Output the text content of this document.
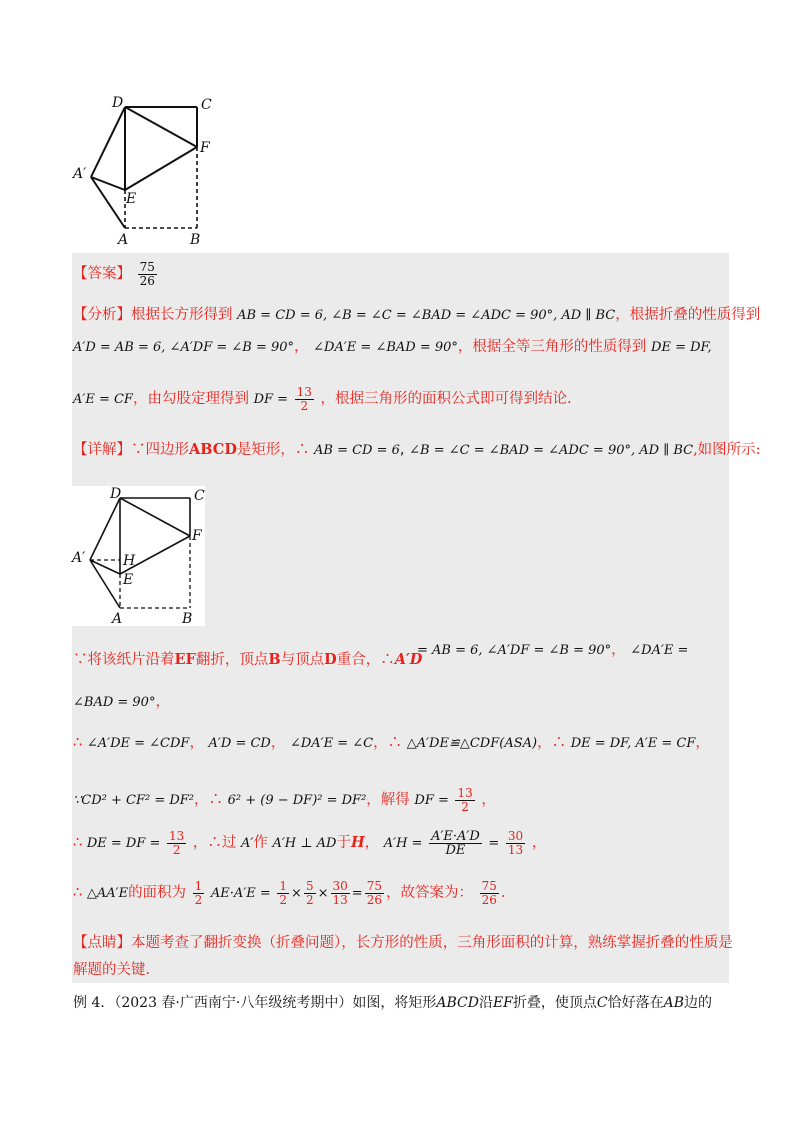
D	C
F
A′
E
A	B
【答案】 $\frac{75}{26}$
【分析】根据长方形得到 AB = CD = 6, ∠B = ∠C = ∠BAD = ∠ADC = 90°, AD ∥ BC，根据折叠的性质得到
A′D = AB = 6, ∠A′DF = ∠B = 90°， ∠DA′E = ∠BAD = 90°，根据全等三角形的性质得到 DE = DF,
A′E = CF，由勾股定理得到 DF = $\frac{13}{2}$ ，根据三角形的面积公式即可得到结论.
【详解】∵四边形ABCD是矩形，∴ AB = CD = 6, ∠B = ∠C = ∠BAD = ∠ADC = 90°, AD ∥ BC,如图所示:
D	C
F
A′	H
E
A	B
∵将该纸片沿着EF翻折，顶点B与顶点D重合，∴A′D
= AB = 6, ∠A′DF = ∠B = 90°， ∠DA′E =
∠BAD = 90°，
∴ ∠A′DE = ∠CDF， A′D = CD， ∠DA′E = ∠C，∴ △A′DE≌△CDF(ASA)，∴ DE = DF, A′E = CF，
∵CD² + CF² = DF²，∴ 6² + (9 − DF)² = DF²，解得 DF = $\frac{13}{2}$ ，
∴ DE = DF = $\frac{13}{2}$ ，∴过 A′作 A′H ⊥ AD于H， $A'H = \frac{A'E\cdot A'D}{DE} = \frac{30}{13}$ ，
∴ △AA′E的面积为 $\frac{1}{2} AE\cdot A'E = \frac{1}{2} \times \frac{5}{2} \times \frac{30}{13} = \frac{75}{26}$ ，故答案为： $\frac{75}{26}$ .
【点睛】本题考查了翻折变换（折叠问题），长方形的性质，三角形面积的计算，熟练掌握折叠的性质是
解题的关键.
例 4．（2023 春·广西南宁·八年级统考期中）如图，将矩形ABCD沿EF折叠，使顶点C恰好落在AB边的
